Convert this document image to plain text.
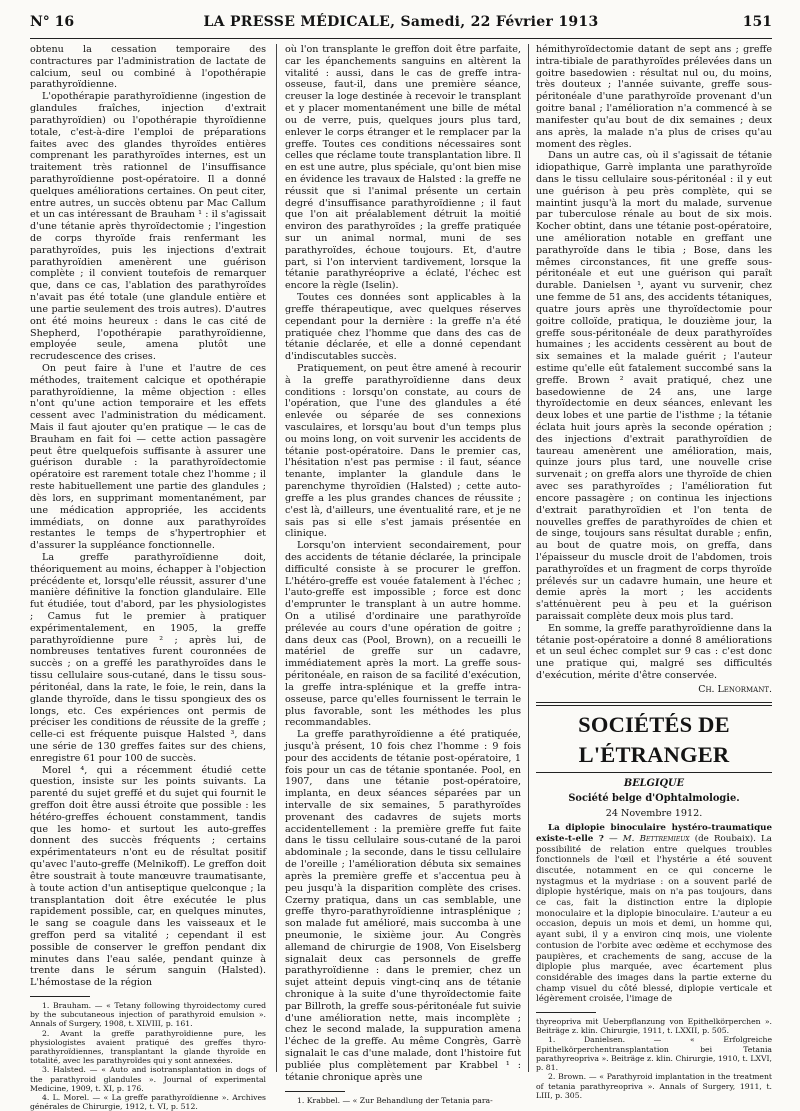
N° 16	LA PRESSE MÉDICALE, Samedi, 22 Février 1913	151

obtenu la cessation temporaire des contractures par l'administration de lactate de calcium, seul ou combiné à l'opothérapie parathyroïdienne.

L'opothérapie parathyroïdienne (ingestion de glandules fraîches, injection d'extrait parathyroïdien) ou l'opothérapie thyroïdienne totale, c'est-à-dire l'emploi de préparations faites avec des glandes thyroïdes entières comprenant les parathyroïdes internes, est un traitement très rationnel de l'insuffisance parathyroïdienne post-opératoire. Il a donné quelques améliorations certaines. On peut citer, entre autres, un succès obtenu par Mac Callum et un cas intéressant de Brauham ¹ : il s'agissait d'une tétanie après thyroïdectomie ; l'ingestion de corps thyroïde frais renfermant les parathyroïdes, puis les injections d'extrait parathyroïdien amenèrent une guérison complète ; il convient toutefois de remarquer que, dans ce cas, l'ablation des parathyroïdes n'avait pas été totale (une glandule entière et une partie seulement des trois autres). D'autres ont été moins heureux : dans le cas cité de Shepherd, l'opothérapie parathyroïdienne, employée seule, amena plutôt une recrudescence des crises.

On peut faire à l'une et l'autre de ces méthodes, traitement calcique et opothérapie parathyroïdienne, la même objection : elles n'ont qu'une action temporaire et les effets cessent avec l'administration du médicament. Mais il faut ajouter qu'en pratique — le cas de Brauham en fait foi — cette action passagère peut être quelquefois suffisante à assurer une guérison durable : la parathyroïdectomie opératoire est rarement totale chez l'homme ; il reste habituellement une partie des glandules ; dès lors, en supprimant momentanément, par une médication appropriée, les accidents immédiats, on donne aux parathyroïdes restantes le temps de s'hypertrophier et d'assurer la suppléance fonctionnelle.

La greffe parathyroïdienne doit, théoriquement au moins, échapper à l'objection précédente et, lorsqu'elle réussit, assurer d'une manière définitive la fonction glandulaire. Elle fut étudiée, tout d'abord, par les physiologistes ; Camus fut le premier à pratiquer expérimentalement, en 1905, la greffe parathyroïdienne pure ² ; après lui, de nombreuses tentatives furent couronnées de succès ; on a greffé les parathyroïdes dans le tissu cellulaire sous-cutané, dans le tissu sous-péritonéal, dans la rate, le foie, le rein, dans la glande thyroïde, dans le tissu spongieux des os longs, etc. Ces expériences ont permis de préciser les conditions de réussite de la greffe ; celle-ci est fréquente puisque Halsted ³, dans une série de 130 greffes faites sur des chiens, enregistre 61 pour 100 de succès.

Morel ⁴, qui a récemment étudié cette question, insiste sur les points suivants. La parenté du sujet greffé et du sujet qui fournit le greffon doit être aussi étroite que possible : les hétéro-greffes échouent constamment, tandis que les homo- et surtout les auto-greffes donnent des succès fréquents ; certains expérimentateurs n'ont eu de résultat positif qu'avec l'auto-greffe (Melnikoff). Le greffon doit être soustrait à toute manœuvre traumatisante, à toute action d'un antiseptique quelconque ; la transplantation doit être exécutée le plus rapidement possible, car, en quelques minutes, le sang se coagule dans les vaisseaux et le greffon perd sa vitalité ; cependant il est possible de conserver le greffon pendant dix minutes dans l'eau salée, pendant quinze à trente dans le sérum sanguin (Halsted). L'hémostase de la région

1. Brauham. — « Tetany following thyroidectomy cured by the subcutaneous injection of parathyroid emulsion ». Annals of Surgery, 1908, t. XLVIII, p. 161.

2. Avant la greffe parathyroïdienne pure, les physiologistes avaient pratiqué des greffes thyro-parathyroïdiennes, transplantant la glande thyroïde en totalité, avec les parathyroïdes qui y sont annexées.

3. Halsted. — « Auto and isotransplantation in dogs of the parathyroid glandules ». Journal of experimental Medicine, 1909, t. XI, p. 176.

4. L. Morel. — « La greffe parathyroïdienne ». Archives générales de Chirurgie, 1912, t. VI, p. 512.

où l'on transplante le greffon doit être parfaite, car les épanchements sanguins en altèrent la vitalité : aussi, dans le cas de greffe intra-osseuse, faut-il, dans une première séance, creuser la loge destinée à recevoir le transplant et y placer momentanément une bille de métal ou de verre, puis, quelques jours plus tard, enlever le corps étranger et le remplacer par la greffe. Toutes ces conditions nécessaires sont celles que réclame toute transplantation libre. Il en est une autre, plus spéciale, qu'ont bien mise en évidence les travaux de Halsted : la greffe ne réussit que si l'animal présente un certain degré d'insuffisance parathyroïdienne ; il faut que l'on ait préalablement détruit la moitié environ des parathyroïdes ; la greffe pratiquée sur un animal normal, muni de ses parathyroïdes, échoue toujours. Et, d'autre part, si l'on intervient tardivement, lorsque la tétanie parathyréoprive a éclaté, l'échec est encore la règle (Iselin).

Toutes ces données sont applicables à la greffe thérapeutique, avec quelques réserves cependant pour la dernière : la greffe n'a été pratiquée chez l'homme que dans des cas de tétanie déclarée, et elle a donné cependant d'indiscutables succès.

Pratiquement, on peut être amené à recourir à la greffe parathyroïdienne dans deux conditions : lorsqu'on constate, au cours de l'opération, que l'une des glandules a été enlevée ou séparée de ses connexions vasculaires, et lorsqu'au bout d'un temps plus ou moins long, on voit survenir les accidents de tétanie post-opératoire. Dans le premier cas, l'hésitation n'est pas permise : il faut, séance tenante, implanter la glandule dans le parenchyme thyroïdien (Halsted) ; cette auto-greffe a les plus grandes chances de réussite ; c'est là, d'ailleurs, une éventualité rare, et je ne sais pas si elle s'est jamais présentée en clinique.

Lorsqu'on intervient secondairement, pour des accidents de tétanie déclarée, la principale difficulté consiste à se procurer le greffon. L'hétéro-greffe est vouée fatalement à l'échec ; l'auto-greffe est impossible ; force est donc d'emprunter le transplant à un autre homme. On a utilisé d'ordinaire une parathyroïde prélevée au cours d'une opération de goitre ; dans deux cas (Pool, Brown), on a recueilli le matériel de greffe sur un cadavre, immédiatement après la mort. La greffe sous-péritonéale, en raison de sa facilité d'exécution, la greffe intra-splénique et la greffe intra-osseuse, parce qu'elles fournissent le terrain le plus favorable, sont les méthodes les plus recommandables.

La greffe parathyroïdienne a été pratiquée, jusqu'à présent, 10 fois chez l'homme : 9 fois pour des accidents de tétanie post-opératoire, 1 fois pour un cas de tétanie spontanée. Pool, en 1907, dans une tétanie post-opératoire, implanta, en deux séances séparées par un intervalle de six semaines, 5 parathyroïdes provenant des cadavres de sujets morts accidentellement : la première greffe fut faite dans le tissu cellulaire sous-cutané de la paroi abdominale ; la seconde, dans le tissu cellulaire de l'oreille ; l'amélioration débuta six semaines après la première greffe et s'accentua peu à peu jusqu'à la disparition complète des crises. Czerny pratiqua, dans un cas semblable, une greffe thyro-parathyroïdienne intrasplénique ; son malade fut amélioré, mais succomba à une pneumonie, le sixième jour. Au Congrès allemand de chirurgie de 1908, Von Eiselsberg signalait deux cas personnels de greffe parathyroïdienne : dans le premier, chez un sujet atteint depuis vingt-cinq ans de tétanie chronique à la suite d'une thyroïdectomie faite par Billroth, la greffe sous-péritonéale fut suivie d'une amélioration nette, mais incomplète ; chez le second malade, la suppuration amena l'échec de la greffe. Au même Congrès, Garrè signalait le cas d'une malade, dont l'histoire fut publiée plus complètement par Krabbel ¹ : tétanie chronique après une

1. Krabbel. — « Zur Behandlung der Tetania para-

hémithyroïdectomie datant de sept ans ; greffe intra-tibiale de parathyroïdes prélevées dans un goitre basedowien : résultat nul ou, du moins, très douteux ; l'année suivante, greffe sous-péritonéale d'une parathyroïde provenant d'un goitre banal ; l'amélioration n'a commencé à se manifester qu'au bout de dix semaines ; deux ans après, la malade n'a plus de crises qu'au moment des règles.

Dans un autre cas, où il s'agissait de tétanie idiopathique, Garrè implanta une parathyroïde dans le tissu cellulaire sous-péritonéal : il y eut une guérison à peu près complète, qui se maintint jusqu'à la mort du malade, survenue par tuberculose rénale au bout de six mois. Kocher obtint, dans une tétanie post-opératoire, une amélioration notable en greffant une parathyroïde dans le tibia ; Bose, dans les mêmes circonstances, fit une greffe sous-péritonéale et eut une guérison qui paraît durable. Danielsen ¹, ayant vu survenir, chez une femme de 51 ans, des accidents tétaniques, quatre jours après une thyroïdectomie pour goitre colloïde, pratiqua, le douzième jour, la greffe sous-péritonéale de deux parathyroïdes humaines ; les accidents cessèrent au bout de six semaines et la malade guérit ; l'auteur estime qu'elle eût fatalement succombé sans la greffe. Brown ² avait pratiqué, chez une basedowienne de 24 ans, une large thyroïdectomie en deux séances, enlevant les deux lobes et une partie de l'isthme ; la tétanie éclata huit jours après la seconde opération ; des injections d'extrait parathyroïdien de taureau amenèrent une amélioration, mais, quinze jours plus tard, une nouvelle crise survenait ; on greffa alors une thyroïde de chien avec ses parathyroïdes ; l'amélioration fut encore passagère ; on continua les injections d'extrait parathyroïdien et l'on tenta de nouvelles greffes de parathyroïdes de chien et de singe, toujours sans résultat durable ; enfin, au bout de quatre mois, on greffa, dans l'épaisseur du muscle droit de l'abdomen, trois parathyroïdes et un fragment de corps thyroïde prélevés sur un cadavre humain, une heure et demie après la mort ; les accidents s'atténuèrent peu à peu et la guérison paraissait complète deux mois plus tard.

En somme, la greffe parathyroïdienne dans la tétanie post-opératoire a donné 8 améliorations et un seul échec complet sur 9 cas : c'est donc une pratique qui, malgré ses difficultés d'exécution, mérite d'être conservée.

Ch. Lenormant.
SOCIÉTÉS DE L'ÉTRANGER
BELGIQUE
Société belge d'Ophtalmologie.
24 Novembre 1912.

La diplopie binoculaire hystéro-traumatique existe-t-elle ? — M. Bettremieux (de Roubaix). La possibilité de relation entre quelques troubles fonctionnels de l'œil et l'hystérie a été souvent discutée, notamment en ce qui concerne le nystagmus et la mydriase : on a souvent parlé de diplopie hystérique, mais on n'a pas toujours, dans ce cas, fait la distinction entre la diplopie monoculaire et la diplopie binoculaire. L'auteur a eu occasion, depuis un mois et demi, un homme qui, ayant subi, il y a environ cinq mois, une violente contusion de l'orbite avec œdème et ecchymose des paupières, et crachements de sang, accuse de la diplopie plus marquée, avec écartement plus considérable des images dans la partie externe du champ visuel du côté blessé, diplopie verticale et légèrement croisée, l'image de

thyreopriva mit Ueberpflanzung von Epithelkörperchen ». Beiträge z. klin. Chirurgie, 1911, t. LXXII, p. 505.

1. Danielsen. — « Erfolgreiche Epithelkörperchentransplantation bei Tetania parathyreopriva ». Beiträge z. klin. Chirurgie, 1910, t. LXVI, p. 81.

2. Brown. — « Parathyroid implantation in the treatment of tetania parathyreopriva ». Annals of Surgery, 1911, t. LIII, p. 305.
